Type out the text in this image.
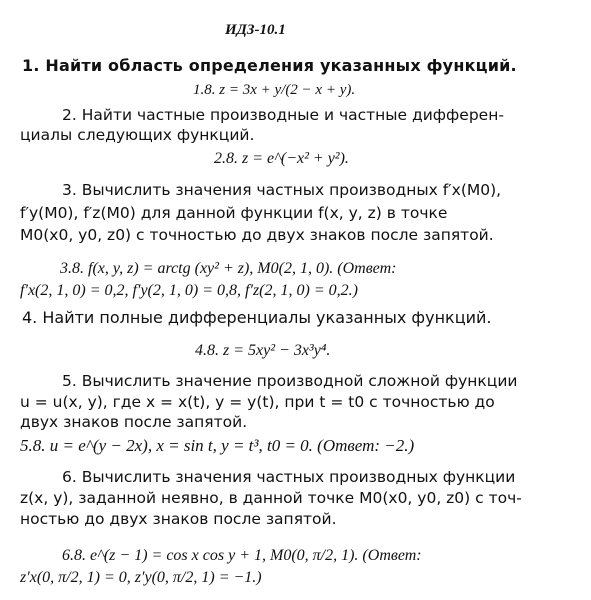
ИДЗ-10.1
1. Найти область определения указанных функций.
1.8. z = 3x + y/(2 − x + y).
2. Найти частные производные и частные дифферен-
циалы следующих функций.
2.8. z = e^(−x² + y²).
3. Вычислить значения частных производных f′x(M0),
f′y(M0), f′z(M0) для данной функции f(x, y, z) в точке
M0(x0, y0, z0) с точностью до двух знаков после запятой.
3.8. f(x, y, z) = arctg (xy² + z), M0(2, 1, 0). (Ответ:
f′x(2, 1, 0) = 0,2, f′y(2, 1, 0) = 0,8, f′z(2, 1, 0) = 0,2.)
4. Найти полные дифференциалы указанных функций.
4.8. z = 5xy² − 3x³y⁴.
5. Вычислить значение производной сложной функции
u = u(x, y), где x = x(t), y = y(t), при t = t0 с точностью до
двух знаков после запятой.
5.8. u = e^(y − 2x), x = sin t, y = t³, t0 = 0. (Ответ: −2.)
6. Вычислить значения частных производных функции
z(x, y), заданной неявно, в данной точке M0(x0, y0, z0) с точ-
ностью до двух знаков после запятой.
6.8. e^(z − 1) = cos x cos y + 1, M0(0, π/2, 1). (Ответ:
z′x(0, π/2, 1) = 0, z′y(0, π/2, 1) = −1.)
